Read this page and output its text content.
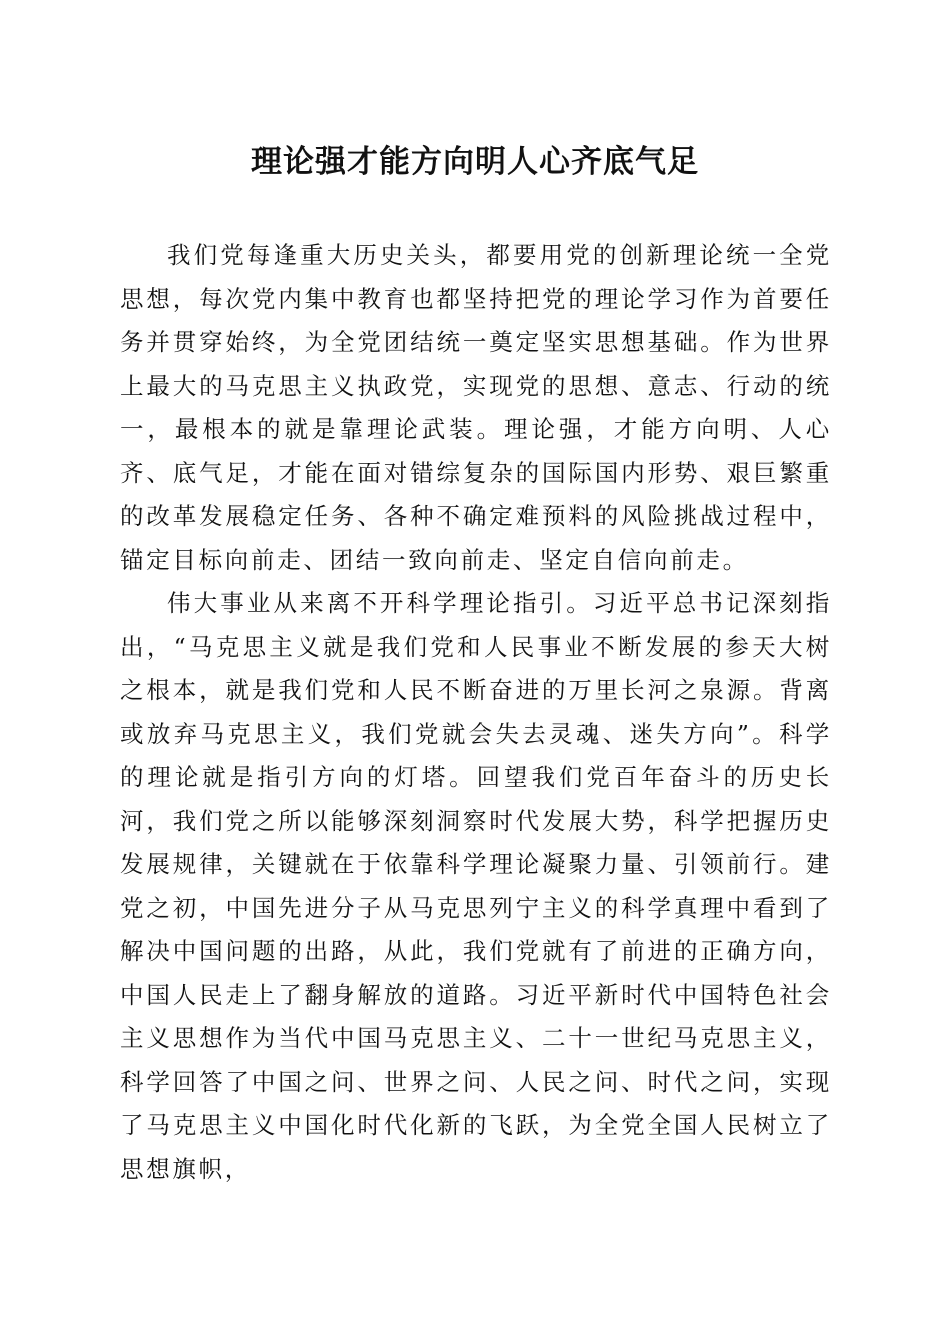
理论强才能方向明人心齐底气足

我们党每逢重大历史关头，都要用党的创新理论统一全党思想，每次党内集中教育也都坚持把党的理论学习作为首要任务并贯穿始终，为全党团结统一奠定坚实思想基础。作为世界上最大的马克思主义执政党，实现党的思想、意志、行动的统一，最根本的就是靠理论武装。理论强，才能方向明、人心齐、底气足，才能在面对错综复杂的国际国内形势、艰巨繁重的改革发展稳定任务、各种不确定难预料的风险挑战过程中，锚定目标向前走、团结一致向前走、坚定自信向前走。

伟大事业从来离不开科学理论指引。习近平总书记深刻指出，“马克思主义就是我们党和人民事业不断发展的参天大树之根本，就是我们党和人民不断奋进的万里长河之泉源。背离或放弃马克思主义，我们党就会失去灵魂、迷失方向”。科学的理论就是指引方向的灯塔。回望我们党百年奋斗的历史长河，我们党之所以能够深刻洞察时代发展大势，科学把握历史发展规律，关键就在于依靠科学理论凝聚力量、引领前行。建党之初，中国先进分子从马克思列宁主义的科学真理中看到了解决中国问题的出路，从此，我们党就有了前进的正确方向，中国人民走上了翻身解放的道路。习近平新时代中国特色社会主义思想作为当代中国马克思主义、二十一世纪马克思主义，科学回答了中国之问、世界之问、人民之问、时代之问，实现了马克思主义中国化时代化新的飞跃，为全党全国人民树立了思想旗帜，
